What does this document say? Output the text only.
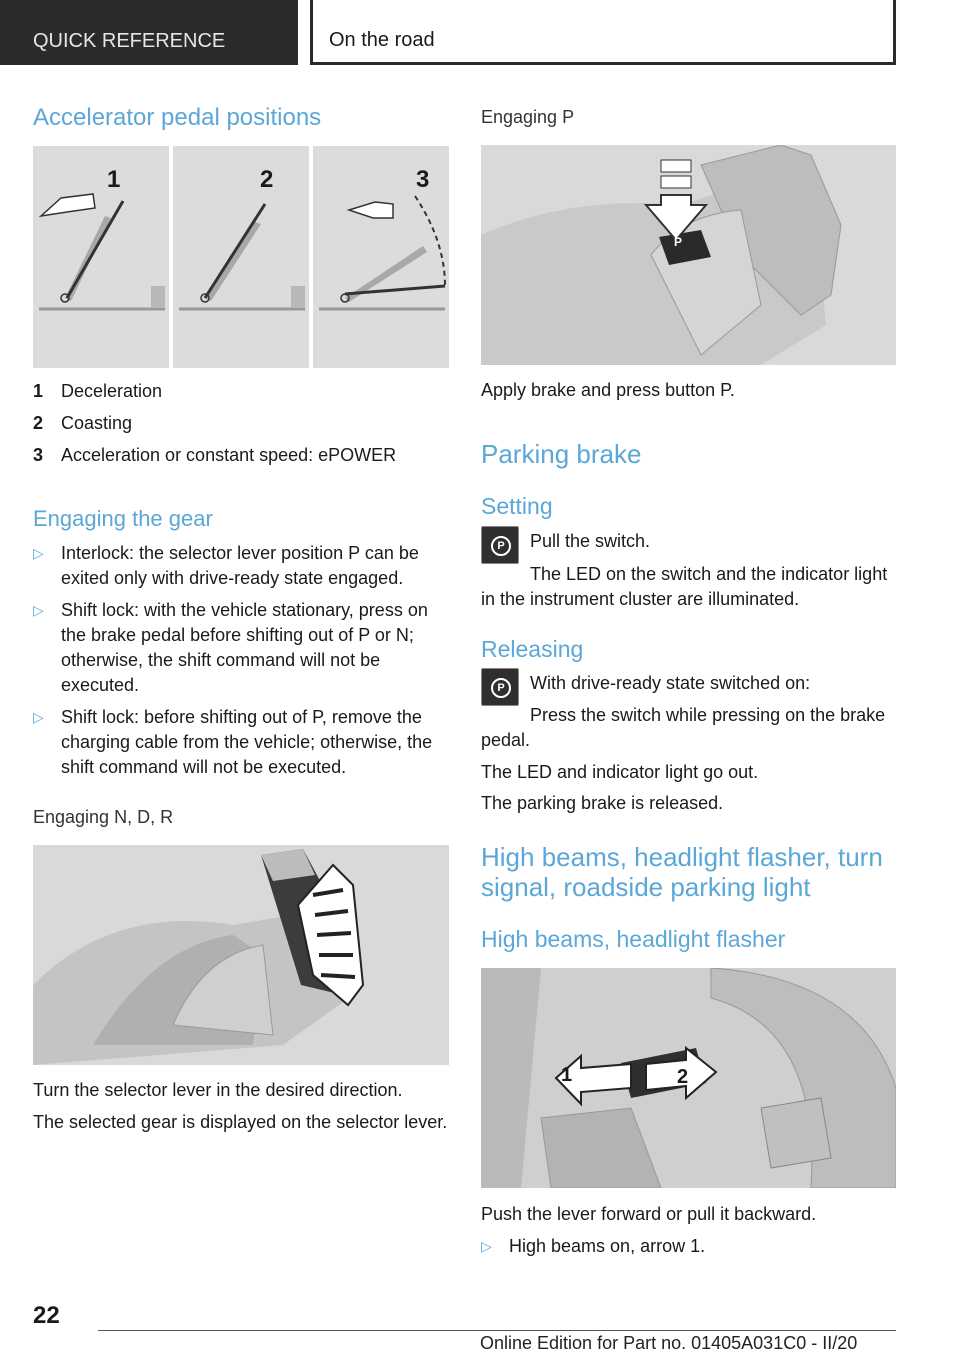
QUICK REFERENCE	On the road
Accelerator pedal positions
1	2	3
1 Deceleration
2 Coasting
3 Acceleration or constant speed: ePOWER
Engaging the gear
▷ Interlock: the selector lever position P can be exited only with drive-ready state engaged.
▷ Shift lock: with the vehicle stationary, press on the brake pedal before shifting out of P or N; otherwise, the shift command will not be executed.
▷ Shift lock: before shifting out of P, remove the charging cable from the vehicle; otherwise, the shift command will not be executed.
Engaging N, D, R

Turn the selector lever in the desired direction.

The selected gear is displayed on the selector lever.

Engaging P
P

Apply brake and press button P.

Parking brake
Setting
P Pull the switch.

The LED on the switch and the indicator light in the instrument cluster are illuminated.

Releasing
P With drive-ready state switched on:

Press the switch while pressing on the brake pedal.

The LED and indicator light go out.

The parking brake is released.

High beams, headlight flasher, turn
signal, roadside parking light
High beams, headlight flasher
1	2

Push the lever forward or pull it backward.

▷ High beams on, arrow 1.
22
Online Edition for Part no. 01405A031C0 - II/20
